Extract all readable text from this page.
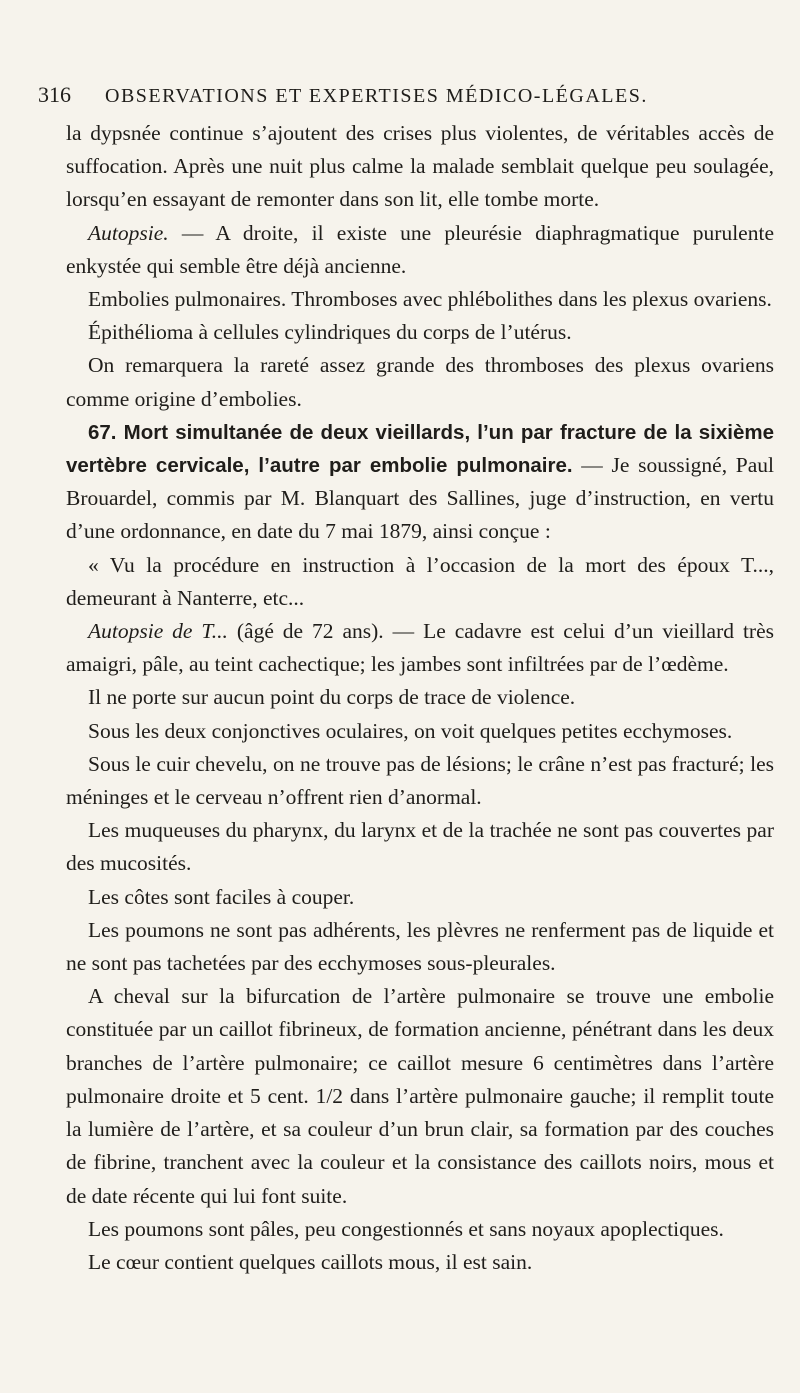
316 OBSERVATIONS ET EXPERTISES MÉDICO-LÉGALES.

la dypsnée continue s’ajoutent des crises plus violentes, de véritables accès de suffocation. Après une nuit plus calme la malade semblait quelque peu soulagée, lorsqu’en essayant de remonter dans son lit, elle tombe morte.

Autopsie. — A droite, il existe une pleurésie diaphragmatique purulente enkystée qui semble être déjà ancienne.

Embolies pulmonaires. Thromboses avec phlébolithes dans les plexus ovariens.

Épithélioma à cellules cylindriques du corps de l’utérus.

On remarquera la rareté assez grande des thromboses des plexus ovariens comme origine d’embolies.

67. Mort simultanée de deux vieillards, l’un par fracture de la sixième vertèbre cervicale, l’autre par embolie pulmonaire. — Je soussigné, Paul Brouardel, commis par M. Blanquart des Sallines, juge d’instruction, en vertu d’une ordonnance, en date du 7 mai 1879, ainsi conçue :

« Vu la procédure en instruction à l’occasion de la mort des époux T..., demeurant à Nanterre, etc...

Autopsie de T... (âgé de 72 ans). — Le cadavre est celui d’un vieillard très amaigri, pâle, au teint cachectique; les jambes sont infiltrées par de l’œdème.

Il ne porte sur aucun point du corps de trace de violence.

Sous les deux conjonctives oculaires, on voit quelques petites ecchymoses.

Sous le cuir chevelu, on ne trouve pas de lésions; le crâne n’est pas fracturé; les méninges et le cerveau n’offrent rien d’anormal.

Les muqueuses du pharynx, du larynx et de la trachée ne sont pas couvertes par des mucosités.

Les côtes sont faciles à couper.

Les poumons ne sont pas adhérents, les plèvres ne renferment pas de liquide et ne sont pas tachetées par des ecchymoses sous-pleurales.

A cheval sur la bifurcation de l’artère pulmonaire se trouve une embolie constituée par un caillot fibrineux, de formation ancienne, pénétrant dans les deux branches de l’artère pulmonaire; ce caillot mesure 6 centimètres dans l’artère pulmonaire droite et 5 cent. 1/2 dans l’artère pulmonaire gauche; il remplit toute la lumière de l’artère, et sa couleur d’un brun clair, sa formation par des couches de fibrine, tranchent avec la couleur et la consistance des caillots noirs, mous et de date récente qui lui font suite.

Les poumons sont pâles, peu congestionnés et sans noyaux apoplectiques.

Le cœur contient quelques caillots mous, il est sain.
